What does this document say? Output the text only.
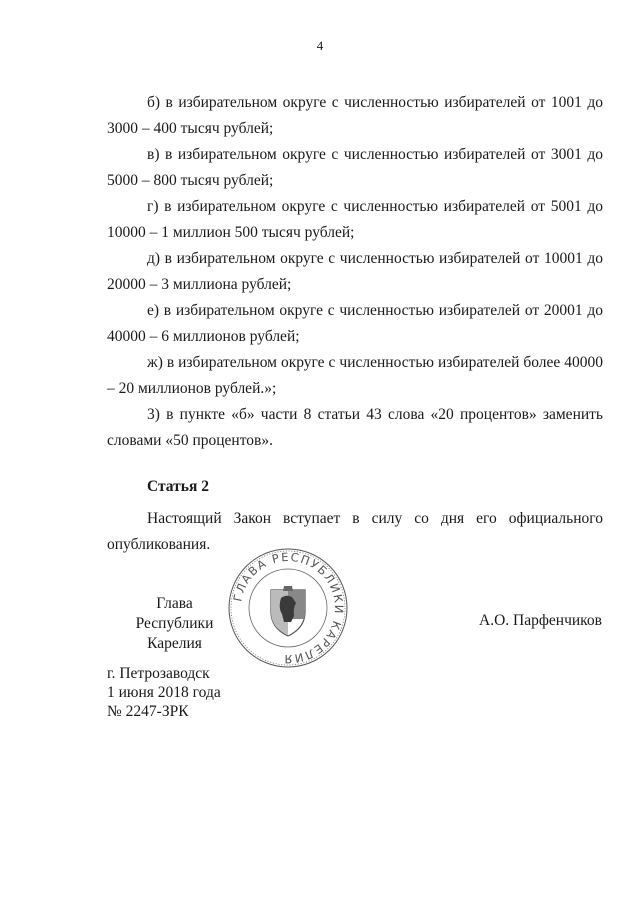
4

б) в избирательном округе с численностью избирателей от 1001 до 3000 – 400 тысяч рублей;

в) в избирательном округе с численностью избирателей от 3001 до 5000 – 800 тысяч рублей;

г) в избирательном округе с численностью избирателей от 5001 до 10000 – 1 миллион 500 тысяч рублей;

д) в избирательном округе с численностью избирателей от 10001 до 20000 – 3 миллиона рублей;

е) в избирательном округе с численностью избирателей от 20001 до 40000 – 6 миллионов рублей;

ж) в избирательном округе с численностью избирателей более 40000 – 20 миллионов рублей.»;

3) в пункте «б» части 8 статьи 43 слова «20 процентов» заменить словами «50 процентов».

Статья 2

Настоящий Закон вступает в силу со дня его официального опубликования.

ГЛАВА РЕСПУБЛИКИ КАРЕЛИЯ
Глава
Республики Карелия
А.О. Парфенчиков
г. Петрозаводск
1 июня 2018 года
№ 2247-ЗРК
